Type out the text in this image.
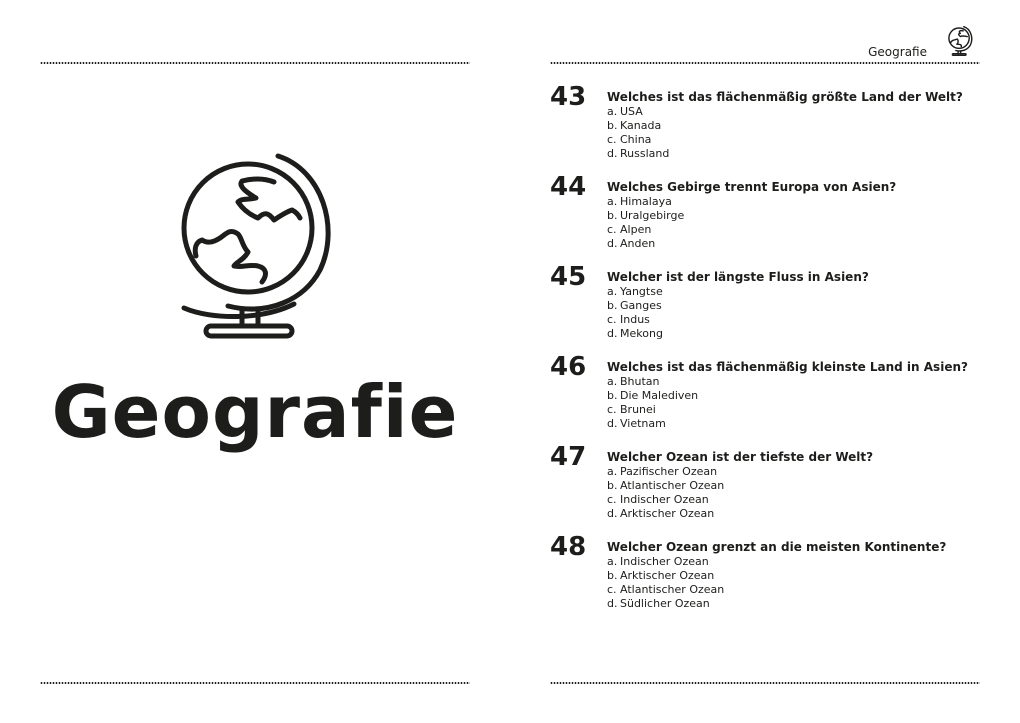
Geografie
Geografie
43 Welches ist das flächenmäßig größte Land der Welt?
a. USA
b. Kanada
c. China
d. Russland
44 Welches Gebirge trennt Europa von Asien?
a. Himalaya
b. Uralgebirge
c. Alpen
d. Anden
45 Welcher ist der längste Fluss in Asien?
a. Yangtse
b. Ganges
c. Indus
d. Mekong
46 Welches ist das flächenmäßig kleinste Land in Asien?
a. Bhutan
b. Die Malediven
c. Brunei
d. Vietnam
47 Welcher Ozean ist der tiefste der Welt?
a. Pazifischer Ozean
b. Atlantischer Ozean
c. Indischer Ozean
d. Arktischer Ozean
48 Welcher Ozean grenzt an die meisten Kontinente?
a. Indischer Ozean
b. Arktischer Ozean
c. Atlantischer Ozean
d. Südlicher Ozean
